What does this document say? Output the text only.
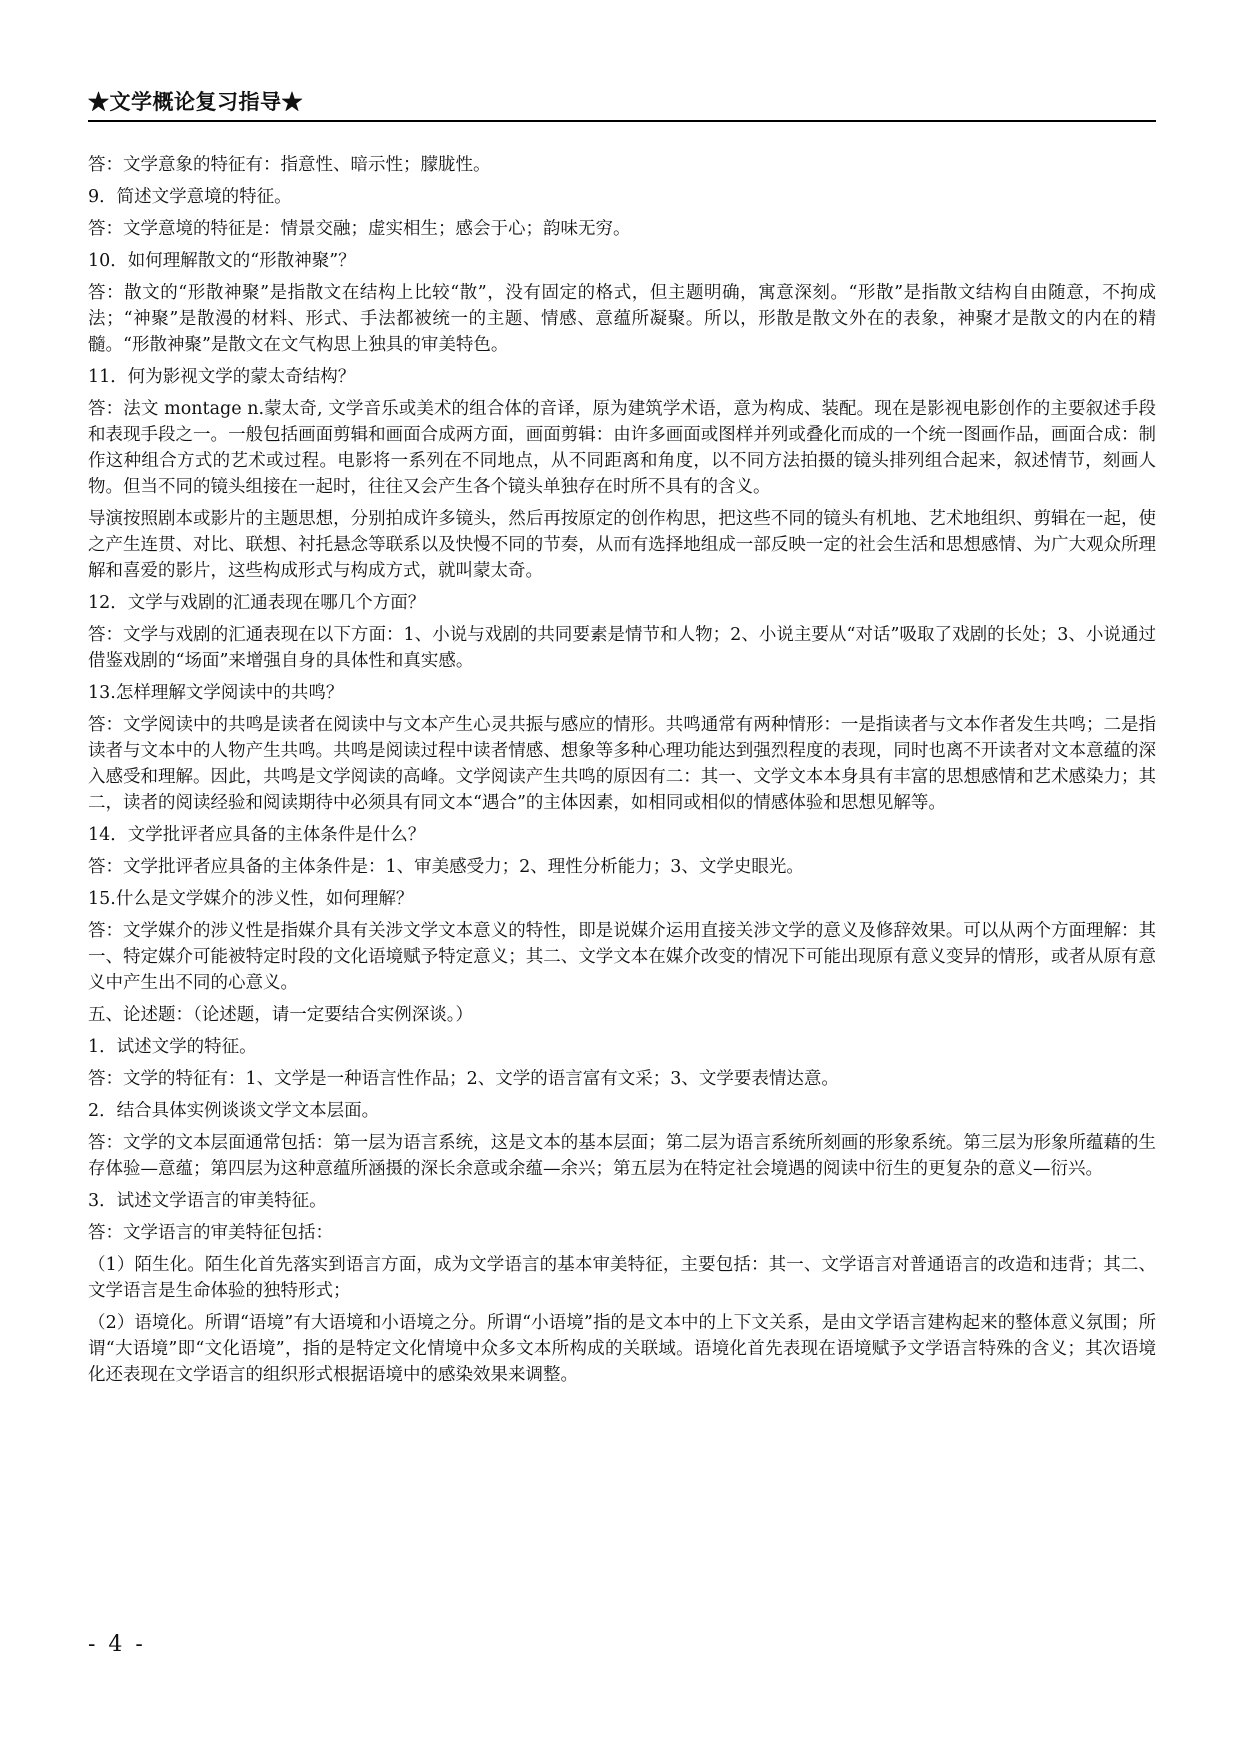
★文学概论复习指导★

答：文学意象的特征有：指意性、暗示性；朦胧性。

9．简述文学意境的特征。

答：文学意境的特征是：情景交融；虚实相生；感会于心；韵味无穷。

10．如何理解散文的“形散神聚”？

答：散文的“形散神聚”是指散文在结构上比较“散”，没有固定的格式，但主题明确，寓意深刻。“形散”是指散文结构自由随意，不拘成法；“神聚”是散漫的材料、形式、手法都被统一的主题、情感、意蕴所凝聚。所以，形散是散文外在的表象，神聚才是散文的内在的精髓。“形散神聚”是散文在文气构思上独具的审美特色。

11．何为影视文学的蒙太奇结构？

答：法文 montage n.蒙太奇, 文学音乐或美术的组合体的音译，原为建筑学术语，意为构成、装配。现在是影视电影创作的主要叙述手段和表现手段之一。一般包括画面剪辑和画面合成两方面，画面剪辑：由许多画面或图样并列或叠化而成的一个统一图画作品，画面合成：制作这种组合方式的艺术或过程。电影将一系列在不同地点，从不同距离和角度，以不同方法拍摄的镜头排列组合起来，叙述情节，刻画人物。但当不同的镜头组接在一起时，往往又会产生各个镜头单独存在时所不具有的含义。

导演按照剧本或影片的主题思想，分别拍成许多镜头，然后再按原定的创作构思，把这些不同的镜头有机地、艺术地组织、剪辑在一起，使之产生连贯、对比、联想、衬托悬念等联系以及快慢不同的节奏，从而有选择地组成一部反映一定的社会生活和思想感情、为广大观众所理解和喜爱的影片，这些构成形式与构成方式，就叫蒙太奇。

12．文学与戏剧的汇通表现在哪几个方面？

答：文学与戏剧的汇通表现在以下方面：1、小说与戏剧的共同要素是情节和人物；2、小说主要从“对话”吸取了戏剧的长处；3、小说通过借鉴戏剧的“场面”来增强自身的具体性和真实感。

13.怎样理解文学阅读中的共鸣？

答：文学阅读中的共鸣是读者在阅读中与文本产生心灵共振与感应的情形。共鸣通常有两种情形：一是指读者与文本作者发生共鸣；二是指读者与文本中的人物产生共鸣。共鸣是阅读过程中读者情感、想象等多种心理功能达到强烈程度的表现，同时也离不开读者对文本意蕴的深入感受和理解。因此，共鸣是文学阅读的高峰。文学阅读产生共鸣的原因有二：其一、文学文本本身具有丰富的思想感情和艺术感染力；其二，读者的阅读经验和阅读期待中必须具有同文本“遇合”的主体因素，如相同或相似的情感体验和思想见解等。

14．文学批评者应具备的主体条件是什么？

答：文学批评者应具备的主体条件是：1、审美感受力；2、理性分析能力；3、文学史眼光。

15.什么是文学媒介的涉义性，如何理解？

答：文学媒介的涉义性是指媒介具有关涉文学文本意义的特性，即是说媒介运用直接关涉文学的意义及修辞效果。可以从两个方面理解：其一、特定媒介可能被特定时段的文化语境赋予特定意义；其二、文学文本在媒介改变的情况下可能出现原有意义变异的情形，或者从原有意义中产生出不同的心意义。

五、论述题：（论述题，请一定要结合实例深谈。）

1．试述文学的特征。

答：文学的特征有：1、文学是一种语言性作品；2、文学的语言富有文采；3、文学要表情达意。

2．结合具体实例谈谈文学文本层面。

答：文学的文本层面通常包括：第一层为语言系统，这是文本的基本层面；第二层为语言系统所刻画的形象系统。第三层为形象所蕴藉的生存体验—意蕴；第四层为这种意蕴所涵摄的深长余意或余蕴—余兴；第五层为在特定社会境遇的阅读中衍生的更复杂的意义—衍兴。

3．试述文学语言的审美特征。

答：文学语言的审美特征包括：

（1）陌生化。陌生化首先落实到语言方面，成为文学语言的基本审美特征，主要包括：其一、文学语言对普通语言的改造和违背；其二、文学语言是生命体验的独特形式；

（2）语境化。所谓“语境”有大语境和小语境之分。所谓“小语境”指的是文本中的上下文关系，是由文学语言建构起来的整体意义氛围；所谓“大语境”即“文化语境”，指的是特定文化情境中众多文本所构成的关联域。语境化首先表现在语境赋予文学语言特殊的含义；其次语境化还表现在文学语言的组织形式根据语境中的感染效果来调整。

- 4 -
